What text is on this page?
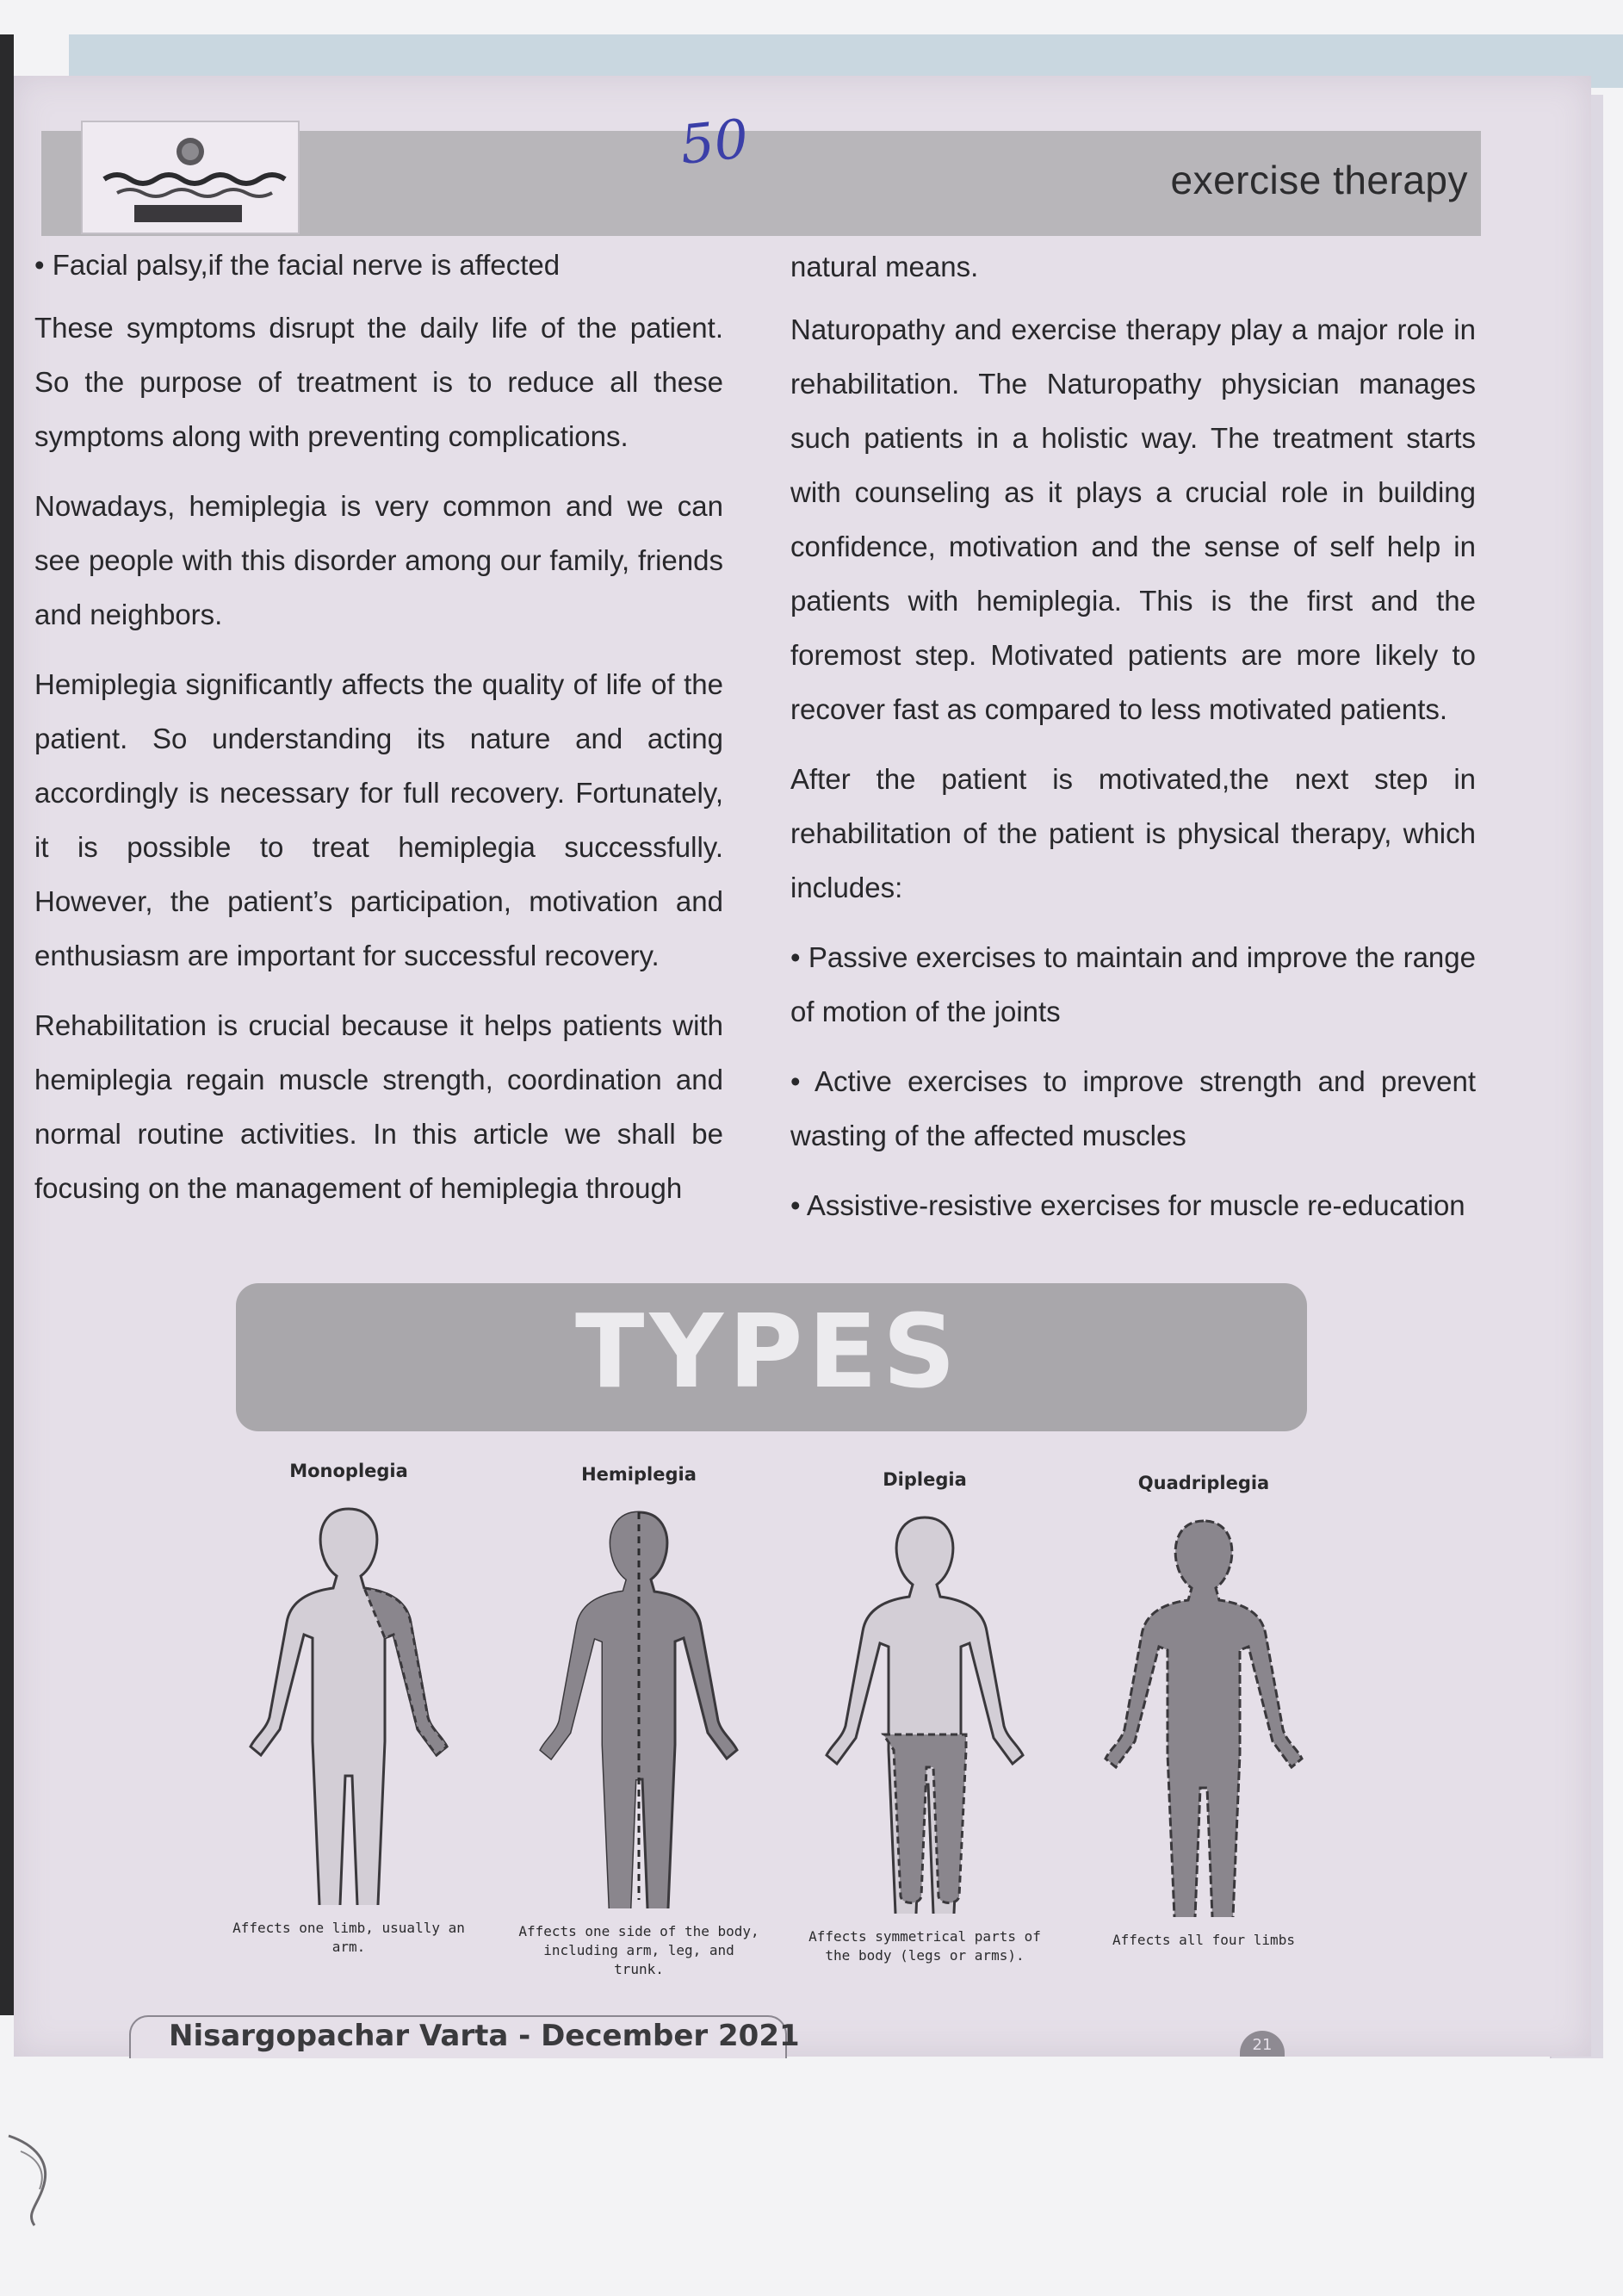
50
exercise therapy

• Facial palsy,if the facial nerve is affected

These symptoms disrupt the daily life of the patient. So the purpose of treatment is to reduce all these symptoms along with preventing complications.

Nowadays, hemiplegia is very common and we can see people with this disorder among our family, friends and neighbors.

Hemiplegia significantly affects the quality of life of the patient. So understanding its nature and acting accordingly is necessary for full recovery. Fortunately, it is possible to treat hemiplegia successfully. However, the patient’s participation, motivation and enthusiasm are important for successful recovery.

Rehabilitation is crucial because it helps patients with hemiplegia regain muscle strength, coordination and normal routine activities. In this article we shall be focusing on the management of hemiplegia through

natural means.

Naturopathy and exercise therapy play a major role in rehabilitation. The Naturopathy physician manages such patients in a holistic way. The treatment starts with counseling as it plays a crucial role in building confidence, motivation and the sense of self help in patients with hemiplegia. This is the first and the foremost step. Motivated patients are more likely to recover fast as compared to less motivated patients.

After the patient is motivated,the next step in rehabilitation of the patient is physical therapy, which includes:

• Passive exercises to maintain and improve the range of motion of the joints

• Active exercises to improve strength and prevent wasting of the affected muscles

• Assistive-resistive exercises for muscle re-education

TYPES
Monoplegia
Affects one limb, usually an arm.
Hemiplegia
Affects one side of the body, including arm, leg, and trunk.
Diplegia
Affects symmetrical parts of the body (legs or arms).
Quadriplegia
Affects all four limbs
Nisargopachar Varta - December 2021	21
